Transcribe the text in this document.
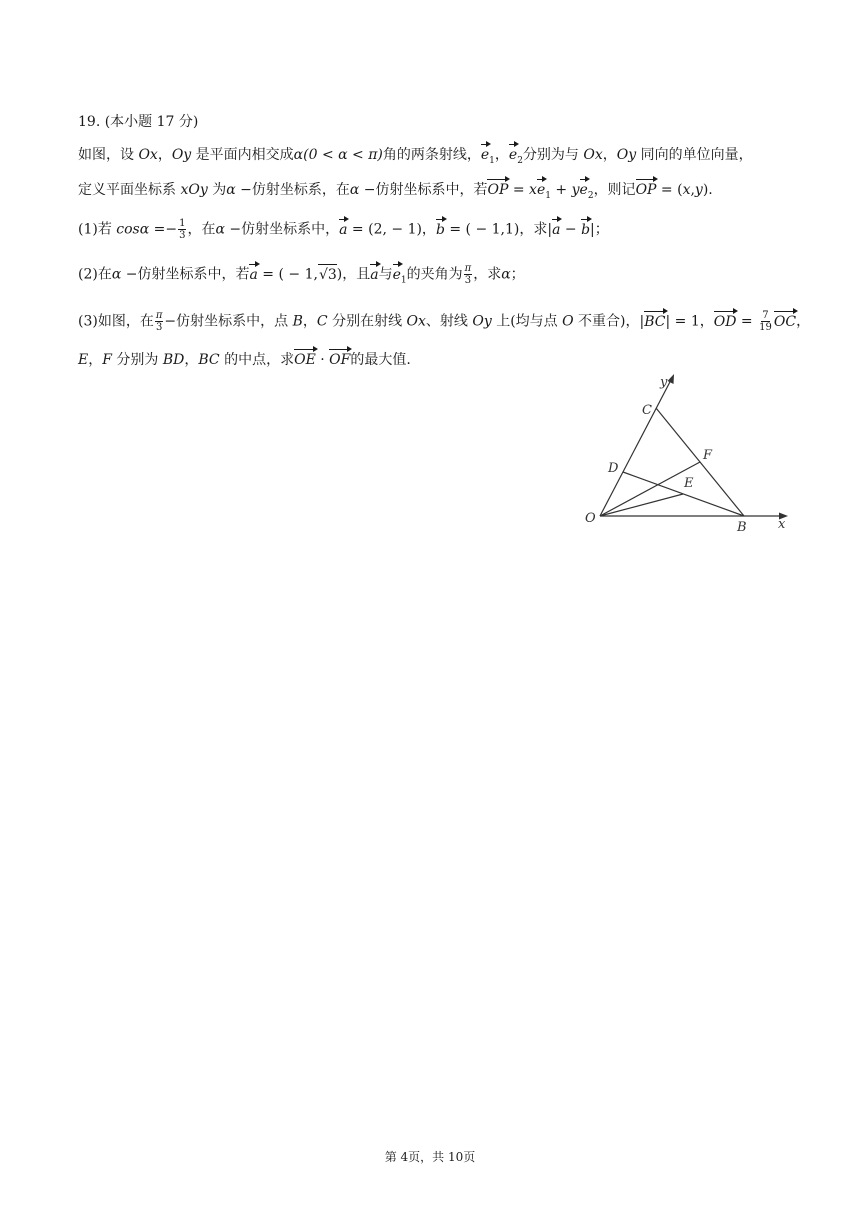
19. (本小题 17 分)
如图，设 Ox，Oy 是平面内相交成α(0 < α < π)角的两条射线，$e_1$，$e_2$分别为与 Ox，Oy 同向的单位向量，
定义平面坐标系 xOy 为α −仿射坐标系，在α −仿射坐标系中，若OP = $xe_1 + ye_2$，则记OP = (x,y).
(1)若 $\cos\alpha =- \frac{1}{3}$ ，在α −仿射坐标系中，a = (2, − 1)，b = ( − 1,1)，求|a − b|；
(2)在α −仿射坐标系中，若a = ( − 1,√3)，且a与$e_1$的夹角为 $\frac{\pi}{3}$ ，求α；
(3)如图，在 $\frac{\pi}{3}$ −仿射坐标系中，点 B，C 分别在射线 Ox、射线 Oy 上(均与点 O 不重合)，|BC| = 1，OD = $\frac{7}{19}$ OC，
E，F 分别为 BD，BC 的中点，求OE · OF的最大值.
y
C
F
D
E
O
B x
第 4页，共 10页
